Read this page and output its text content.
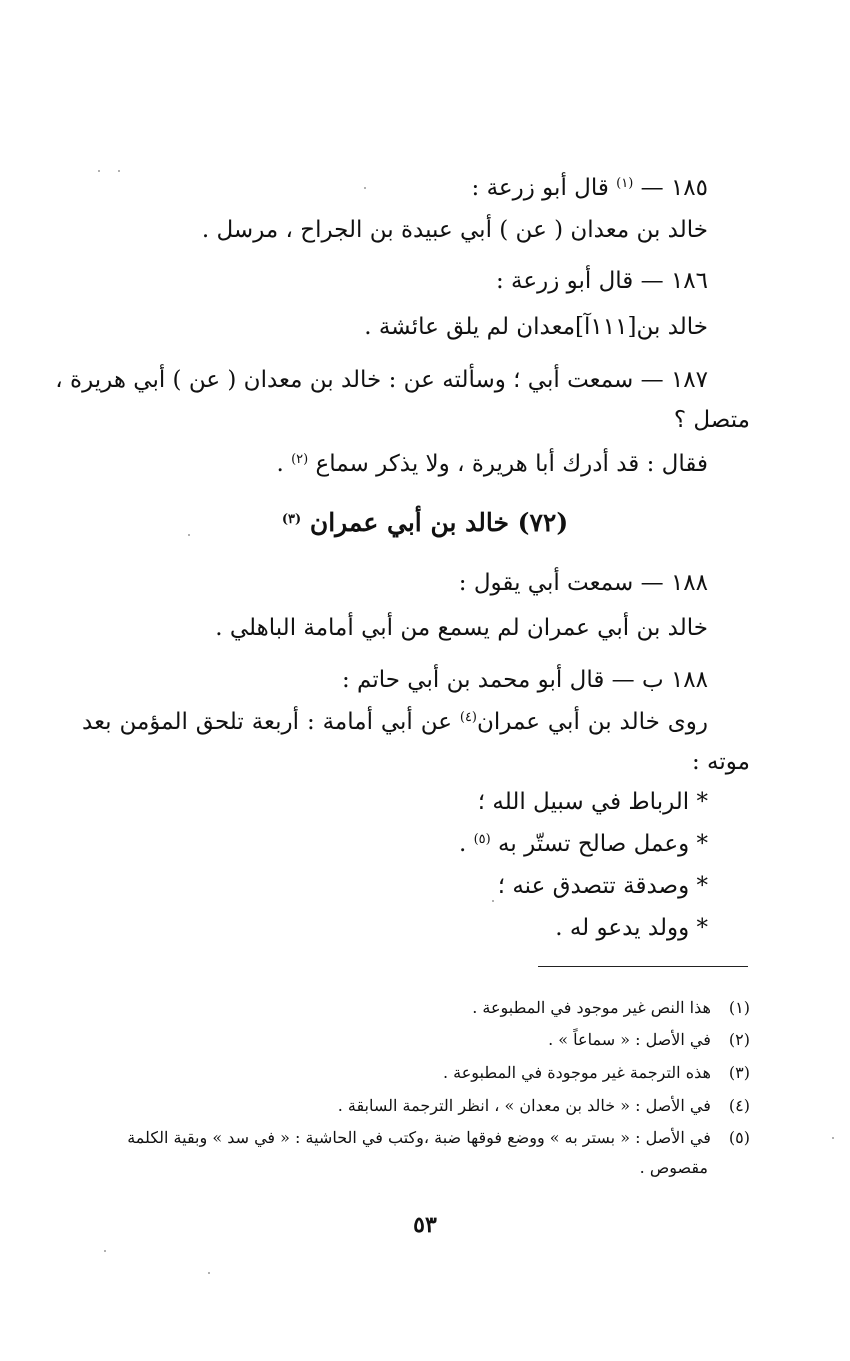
١٨٥ — $^{(١)}$ قال أبو زرعة :
خالد بن معدان ( عن ) أبي عبيدة بن الجراح ، مرسل .
١٨٦ — قال أبو زرعة :
خالد بن[١١١آ]معدان لم يلق عائشة .
١٨٧ — سمعت أبي ؛ وسألته عن : خالد بن معدان ( عن ) أبي هريرة ،
متصل ؟
فقال : قد أدرك أبا هريرة ، ولا يذكر سماع $^{(٢)}$ .
(٧٢) خالد بن أبي عمران $^{(٣)}$
١٨٨ — سمعت أبي يقول :
خالد بن أبي عمران لم يسمع من أبي أمامة الباهلي .
١٨٨ ب — قال أبو محمد بن أبي حاتم :
روى خالد بن أبي عمران$^{(٤)}$ عن أبي أمامة : أربعة تلحق المؤمن بعد
موته :
* الرباط في سبيل الله ؛
* وعمل صالح تستّر به $^{(٥)}$ .
* وصدقة تتصدق عنه ؛
* وولد يدعو له .
(١) هذا النص غير موجود في المطبوعة .
(٢) في الأصل : « سماعاً » .
(٣) هذه الترجمة غير موجودة في المطبوعة .
(٤) في الأصل : « خالد بن معدان » ، انظر الترجمة السابقة .
(٥) في الأصل : « بستر به » ووضع فوقها ضبة ،وكتب في الحاشية : « في سد » وبقية الكلمة
مقصوص .
٥٣
